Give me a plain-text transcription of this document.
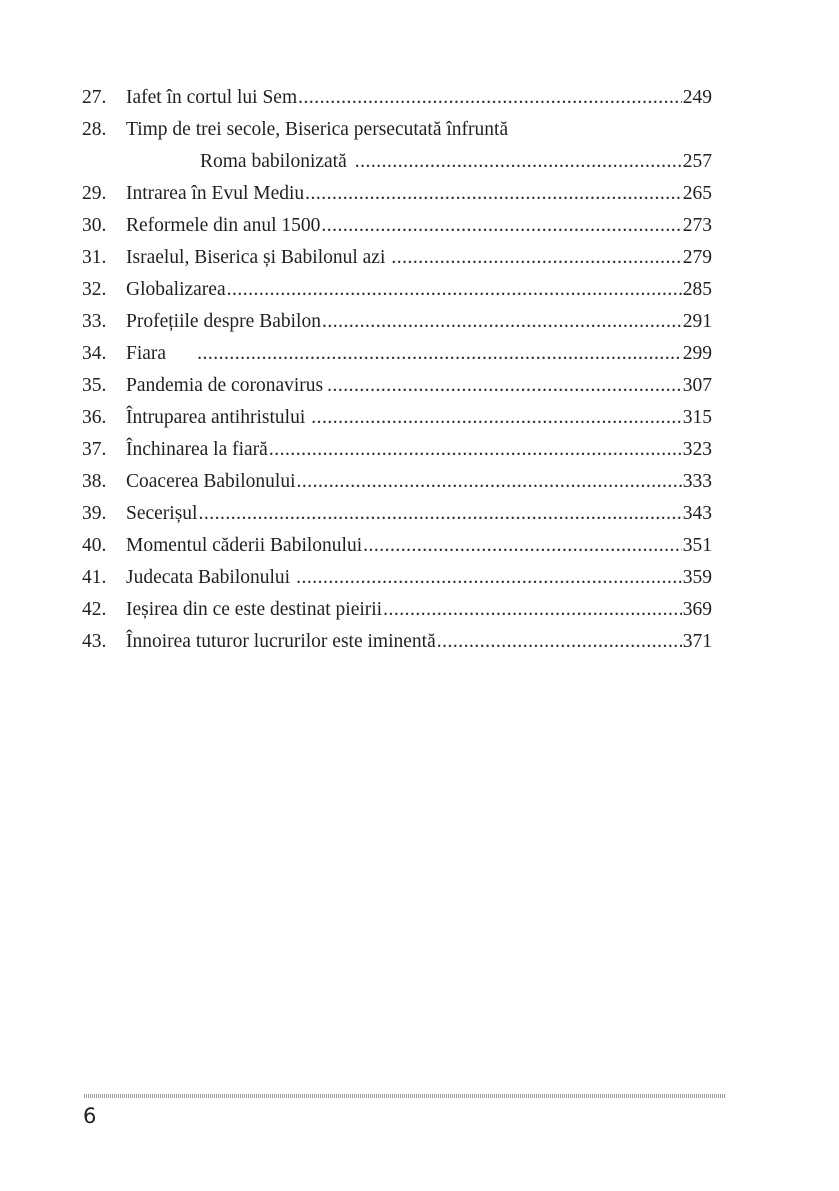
27.	Iafet în cortul lui Sem .....	249
28.	Timp de trei secole, Biserica persecutată înfruntă
Roma babilonizată .....	257
29.	Intrarea în Evul Mediu .....	265
30.	Reformele din anul 1500 .....	273
31.	Israelul, Biserica și Babilonul azi .....	279
32.	Globalizarea .....	285
33.	Profețiile despre Babilon .....	291
34.	Fiara .....	299
35.	Pandemia de coronavirus .....	307
36.	Întruparea antihristului .....	315
37.	Închinarea la fiară .....	323
38.	Coacerea Babilonului .....	333
39.	Secerișul .....	343
40.	Momentul căderii Babilonului .....	351
41.	Judecata Babilonului .....	359
42.	Ieșirea din ce este destinat pieirii .....	369
43.	Înnoirea tuturor lucrurilor este iminentă .....	371
6
